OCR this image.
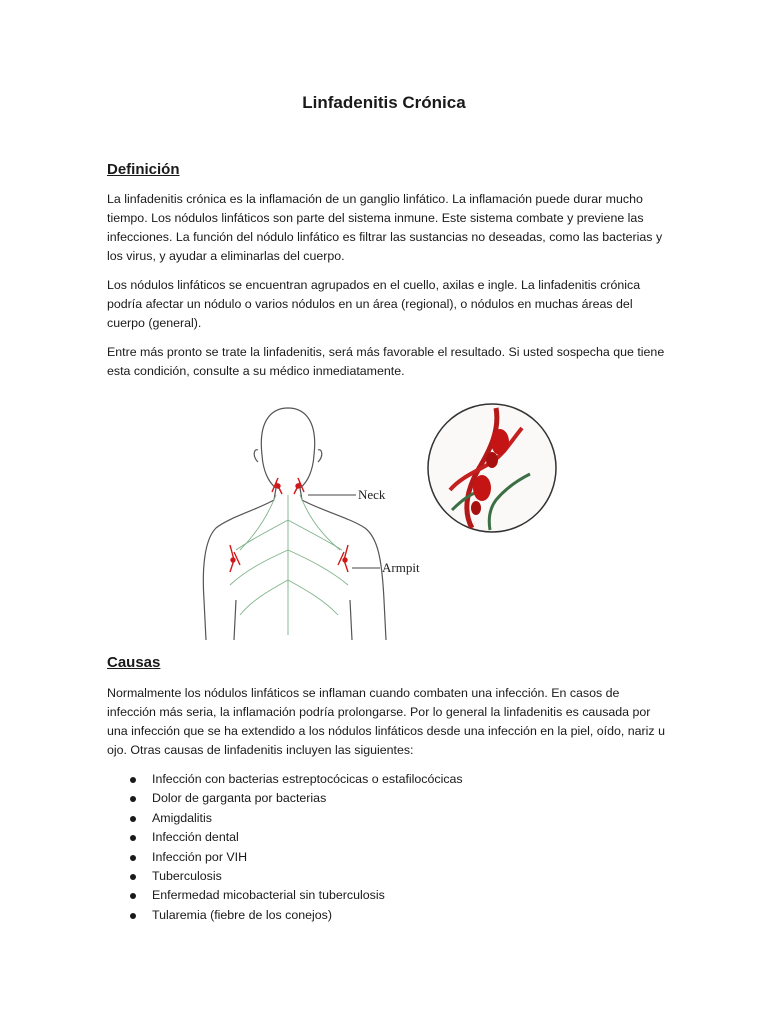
Linfadenitis Crónica
Definición

La linfadenitis crónica es la inflamación de un ganglio linfático. La inflamación puede durar mucho tiempo. Los nódulos linfáticos son parte del sistema inmune. Este sistema combate y previene las infecciones. La función del nódulo linfático es filtrar las sustancias no deseadas, como las bacterias y los virus, y ayudar a eliminarlas del cuerpo.

Los nódulos linfáticos se encuentran agrupados en el cuello, axilas e ingle. La linfadenitis crónica podría afectar un nódulo o varios nódulos en un área (regional), o nódulos en muchas áreas del cuerpo (general).

Entre más pronto se trate la linfadenitis, será más favorable el resultado. Si usted sospecha que tiene esta condición, consulte a su médico inmediatamente.

Neck
Armpit
Causas

Normalmente los nódulos linfáticos se inflaman cuando combaten una infección. En casos de infección más seria, la inflamación podría prolongarse. Por lo general la linfadenitis es causada por una infección que se ha extendido a los nódulos linfáticos desde una infección en la piel, oído, nariz u ojo. Otras causas de linfadenitis incluyen las siguientes:

Infección con bacterias estreptocócicas o estafilocócicas
Dolor de garganta por bacterias
Amigdalitis
Infección dental
Infección por VIH
Tuberculosis
Enfermedad micobacterial sin tuberculosis
Tularemia (fiebre de los conejos)
